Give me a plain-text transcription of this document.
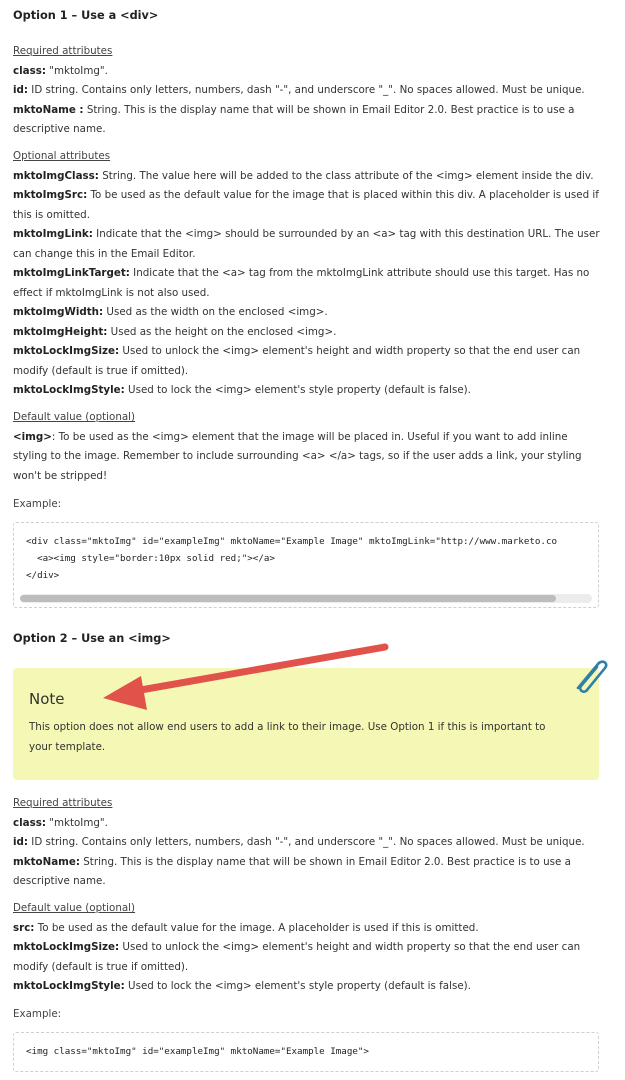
Option 1 – Use a <div>
Required attributes
class: "mktoImg".
id: ID string. Contains only letters, numbers, dash "-", and underscore "_". No spaces allowed. Must be unique.
mktoName : String. This is the display name that will be shown in Email Editor 2.0. Best practice is to use a descriptive name.
Optional attributes
mktoImgClass: String. The value here will be added to the class attribute of the <img> element inside the div.
mktoImgSrc: To be used as the default value for the image that is placed within this div. A placeholder is used if this is omitted.
mktoImgLink: Indicate that the <img> should be surrounded by an <a> tag with this destination URL. The user can change this in the Email Editor.
mktoImgLinkTarget: Indicate that the <a> tag from the mktoImgLink attribute should use this target. Has no effect if mktoImgLink is not also used.
mktoImgWidth: Used as the width on the enclosed <img>.
mktoImgHeight: Used as the height on the enclosed <img>.
mktoLockImgSize: Used to unlock the <img> element's height and width property so that the end user can modify (default is true if omitted).
mktoLockImgStyle: Used to lock the <img> element's style property (default is false).
Default value (optional)
<img>: To be used as the <img> element that the image will be placed in. Useful if you want to add inline styling to the image. Remember to include surrounding <a> </a> tags, so if the user adds a link, your styling won't be stripped!
Example:
<div class="mktoImg" id="exampleImg" mktoName="Example Image" mktoImgLink="http://www.marketo.co
<a><img style="border:10px solid red;"></a>
</div>
Option 2 – Use an <img>
Note
This option does not allow end users to add a link to their image. Use Option 1 if this is important to your template.
Required attributes
class: "mktoImg".
id: ID string. Contains only letters, numbers, dash "-", and underscore "_". No spaces allowed. Must be unique.
mktoName: String. This is the display name that will be shown in Email Editor 2.0. Best practice is to use a descriptive name.
Default value (optional)
src: To be used as the default value for the image. A placeholder is used if this is omitted.
mktoLockImgSize: Used to unlock the <img> element's height and width property so that the end user can modify (default is true if omitted).
mktoLockImgStyle: Used to lock the <img> element's style property (default is false).
Example:
<img class="mktoImg" id="exampleImg" mktoName="Example Image">
